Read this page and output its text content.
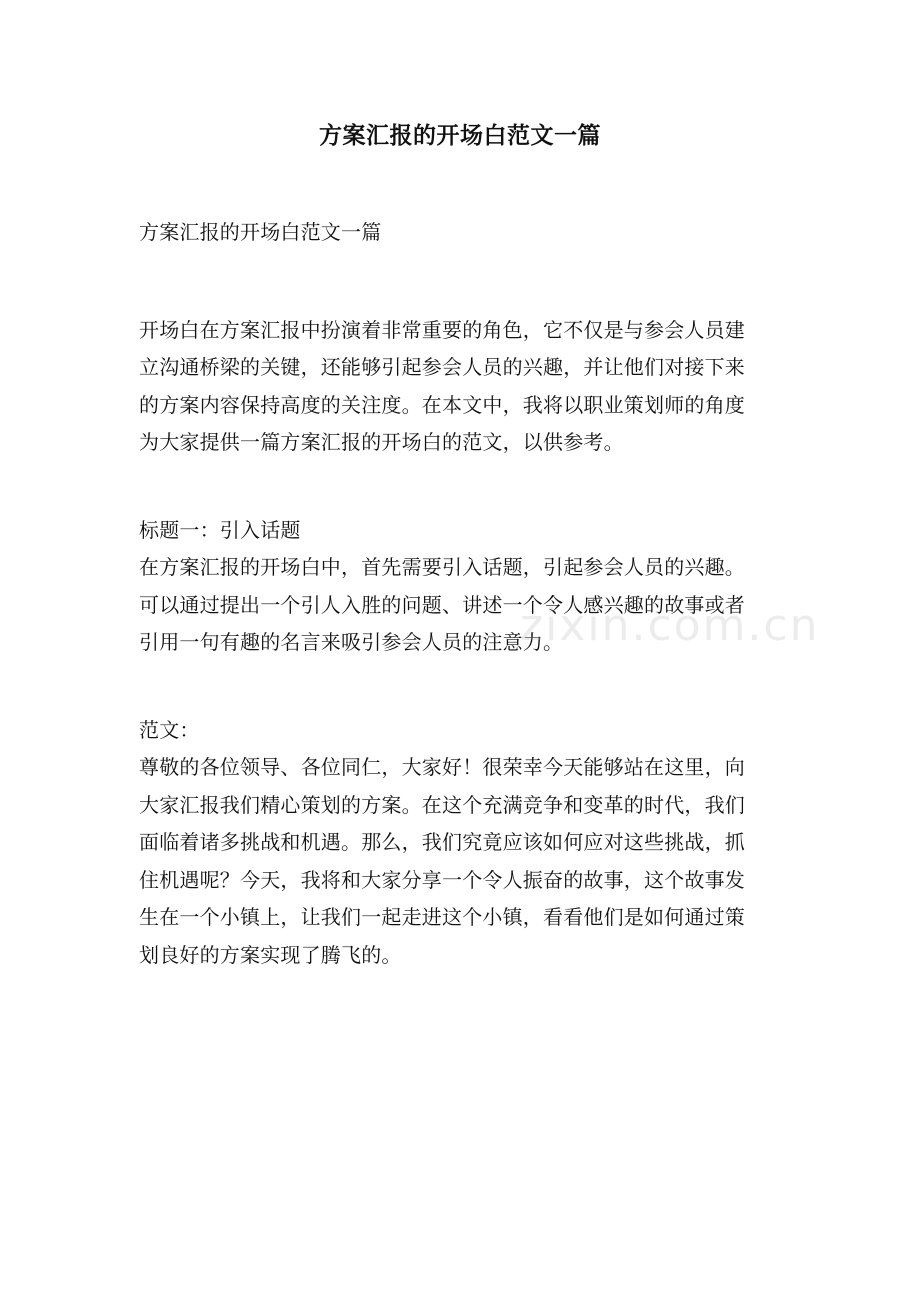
方案汇报的开场白范文一篇
方案汇报的开场白范文一篇
开场白在方案汇报中扮演着非常重要的角色，它不仅是与参会人员建
立沟通桥梁的关键，还能够引起参会人员的兴趣，并让他们对接下来
的方案内容保持高度的关注度。在本文中，我将以职业策划师的角度
为大家提供一篇方案汇报的开场白的范文，以供参考。
标题一：引入话题
在方案汇报的开场白中，首先需要引入话题，引起参会人员的兴趣。
可以通过提出一个引人入胜的问题、讲述一个令人感兴趣的故事或者
引用一句有趣的名言来吸引参会人员的注意力。
范文：
尊敬的各位领导、各位同仁，大家好！很荣幸今天能够站在这里，向
大家汇报我们精心策划的方案。在这个充满竞争和变革的时代，我们
面临着诸多挑战和机遇。那么，我们究竟应该如何应对这些挑战，抓
住机遇呢？今天，我将和大家分享一个令人振奋的故事，这个故事发
生在一个小镇上，让我们一起走进这个小镇，看看他们是如何通过策
划良好的方案实现了腾飞的。
zixin.com.cn
